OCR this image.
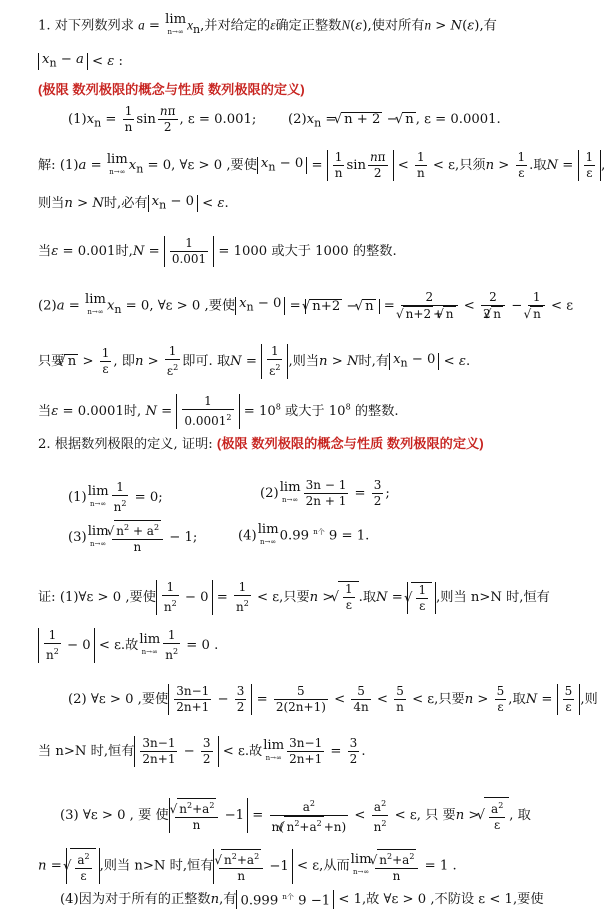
1. 对下列数列求 a = lim
n→∞ $x_n$,并对给定的ε确定正整数N(ε),使对所有n > N(ε),有
$x_n - a < \varepsilon$ :
(极限 数列极限的概念与性质 数列极限的定义)
$(1)x_n = \frac{1}{n}$ $\sin \frac{n\pi}{2}$ , ε = 0.001; $(2)x_n$ = √ n + 2 − √ n , ε = 0.0001.
解: (1)a = lim
n→∞ $x_n = 0$, ∀ε > 0 ,要使 $x_n - 0 = \frac{1}{n}$ $\sin \frac{n\pi}{2} < \frac{1}{n} < \varepsilon$,只须$n > \frac{1}{\varepsilon}$ .取$N = \frac{1}{\varepsilon}$ ,
则当n > N时,必有 $x_n - 0 < \varepsilon$.
当ε = 0.001时$,N = \frac{1}{0.001} = 1000$ 或大于 1000 的整数.
(2)a = lim
n→∞ $x_n = 0$, ∀ε > 0 ,要使 $x_n - 0$ = √ n+2 − √ n = 2
√ n+2 + √ $n < \frac{2}{2 √ n} - 1$
√ n < ε
只要 √ $n > \frac{1}{\varepsilon}$ , 即$n > \frac{1}{\varepsilon^2}$ 即可. 取$N = \frac{1}{\varepsilon^2}$ ,则当n > N时,有 $x_n - 0 < \varepsilon$.
当ε = 0.0001时, $N = \frac{1}{0.0001^2} = 10^8$ 或大于 $10^8$ 的整数.
2. 根据数列极限的定义, 证明: (极限 数列极限的概念与性质 数列极限的定义)
(1) lim
$n\to\infty \frac{1}{n^2} = 0$;	(2) lim
$n\to\infty \frac{3n - 1}{2n + 1} = \frac{3}{2}$ ;
(3) lim
n→∞ √ $\frac{n^2 + a^2}{n} - 1$;	(4) lim
n→∞ 0.99 $^{n个}$ 9 = 1.
证: (1)∀ε > 0 ,要使 $\frac{1}{n^2} - 0 = \frac{1}{n^2} < \varepsilon$,只要n > √ $\frac{1}{\varepsilon}$ .取N = √ $\frac{1}{\varepsilon}$ ,则当 n>N 时,恒有
$\frac{1}{n^2} - 0 < \varepsilon$.故 lim
$n\to\infty \frac{1}{n^2} = 0$ .
(2) ∀ε > 0 ,要使 $\frac{3n-1}{2n+1} - \frac{3}{2} = \frac{5}{2(2n+1)} < \frac{5}{4n} < \frac{5}{n} < \varepsilon$,只要$n > \frac{5}{\varepsilon}$ ,取$N = \frac{5}{\varepsilon}$ ,则
当 n>N 时,恒有 $\frac{3n-1}{2n+1} - \frac{3}{2} < \varepsilon$.故 lim
$n\to\infty \frac{3n-1}{2n+1} = \frac{3}{2}$ .
(3) ∀ε > 0 , 要 使 √ $\frac{n^2+a^2}{n} -1 = \frac{a^2}{n( √ n^2+a^2 +n)} < \frac{a^2}{n^2} < \varepsilon$, 只 要n > √ $\frac{a^2}{\varepsilon}$ , 取
n = √ $\frac{a^2}{\varepsilon}$ ,则当 n>N 时,恒有 √ $\frac{n^2+a^2}{n} -1 < \varepsilon$,从而 lim
n→∞ √ $\frac{n^2+a^2}{n} = 1$ .
(4)因为对于所有的正整数n,有 0.999 $^{n个}$ 9 −1 < 1,故 ∀ε > 0 ,不防设 ε < 1,要使
